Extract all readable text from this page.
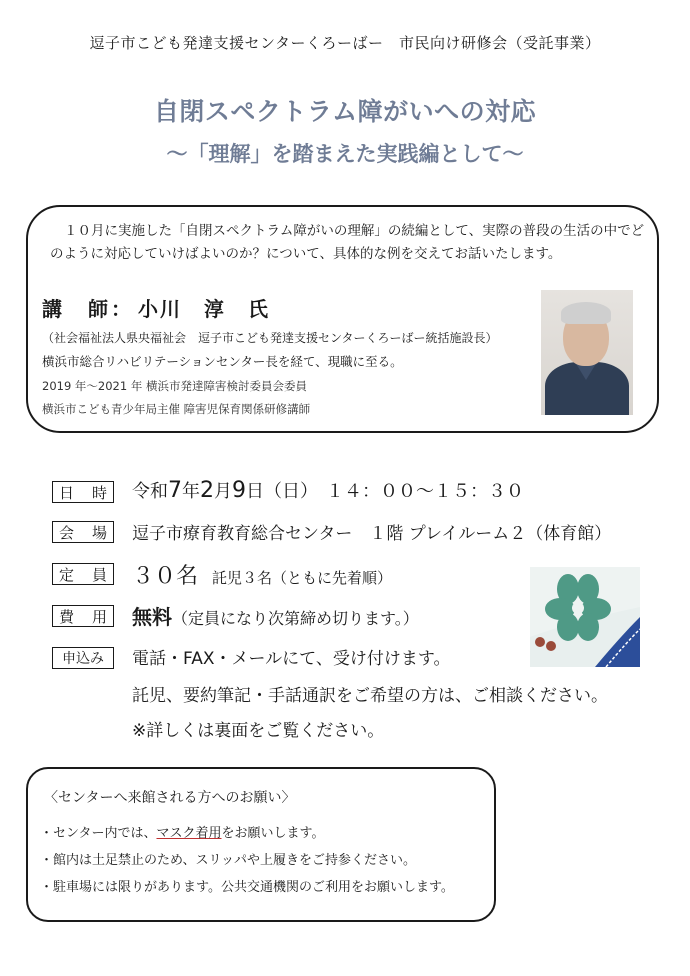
逗子市こども発達支援センターくろーばー　市民向け研修会（受託事業）
自閉スペクトラム障がいへの対応
～「理解」を踏まえた実践編として～
１０月に実施した「自閉スペクトラム障がいの理解」の続編として、実際の普段の生活の中でどのように対応していけばよいのか？について、具体的な例を交えてお話いたします。
講　師： 小川　淳　氏
（社会福祉法人県央福祉会　逗子市こども発達支援センターくろーばー統括施設長）
横浜市総合リハビリテーションセンター長を経て、現職に至る。
2019 年～2021 年 横浜市発達障害検討委員会委員
横浜市こども青少年局主催 障害児保育関係研修講師
日 時 令和7年2月9日（日） １４：００～１５：３０
会 場 逗子市療育教育総合センター　１階 プレイルーム２（体育館）
定 員 ３０名 託児３名（ともに先着順）
費 用 無料（定員になり次第締め切ります。）
申込み	電話・FAX・メールにて、受け付けます。
託児、要約筆記・手話通訳をご希望の方は、ご相談ください。
※詳しくは裏面をご覧ください。
〈センターへ来館される方へのお願い〉
・センター内では、マスク着用をお願いします。
・館内は土足禁止のため、スリッパや上履きをご持参ください。
・駐車場には限りがあります。公共交通機関のご利用をお願いします。
